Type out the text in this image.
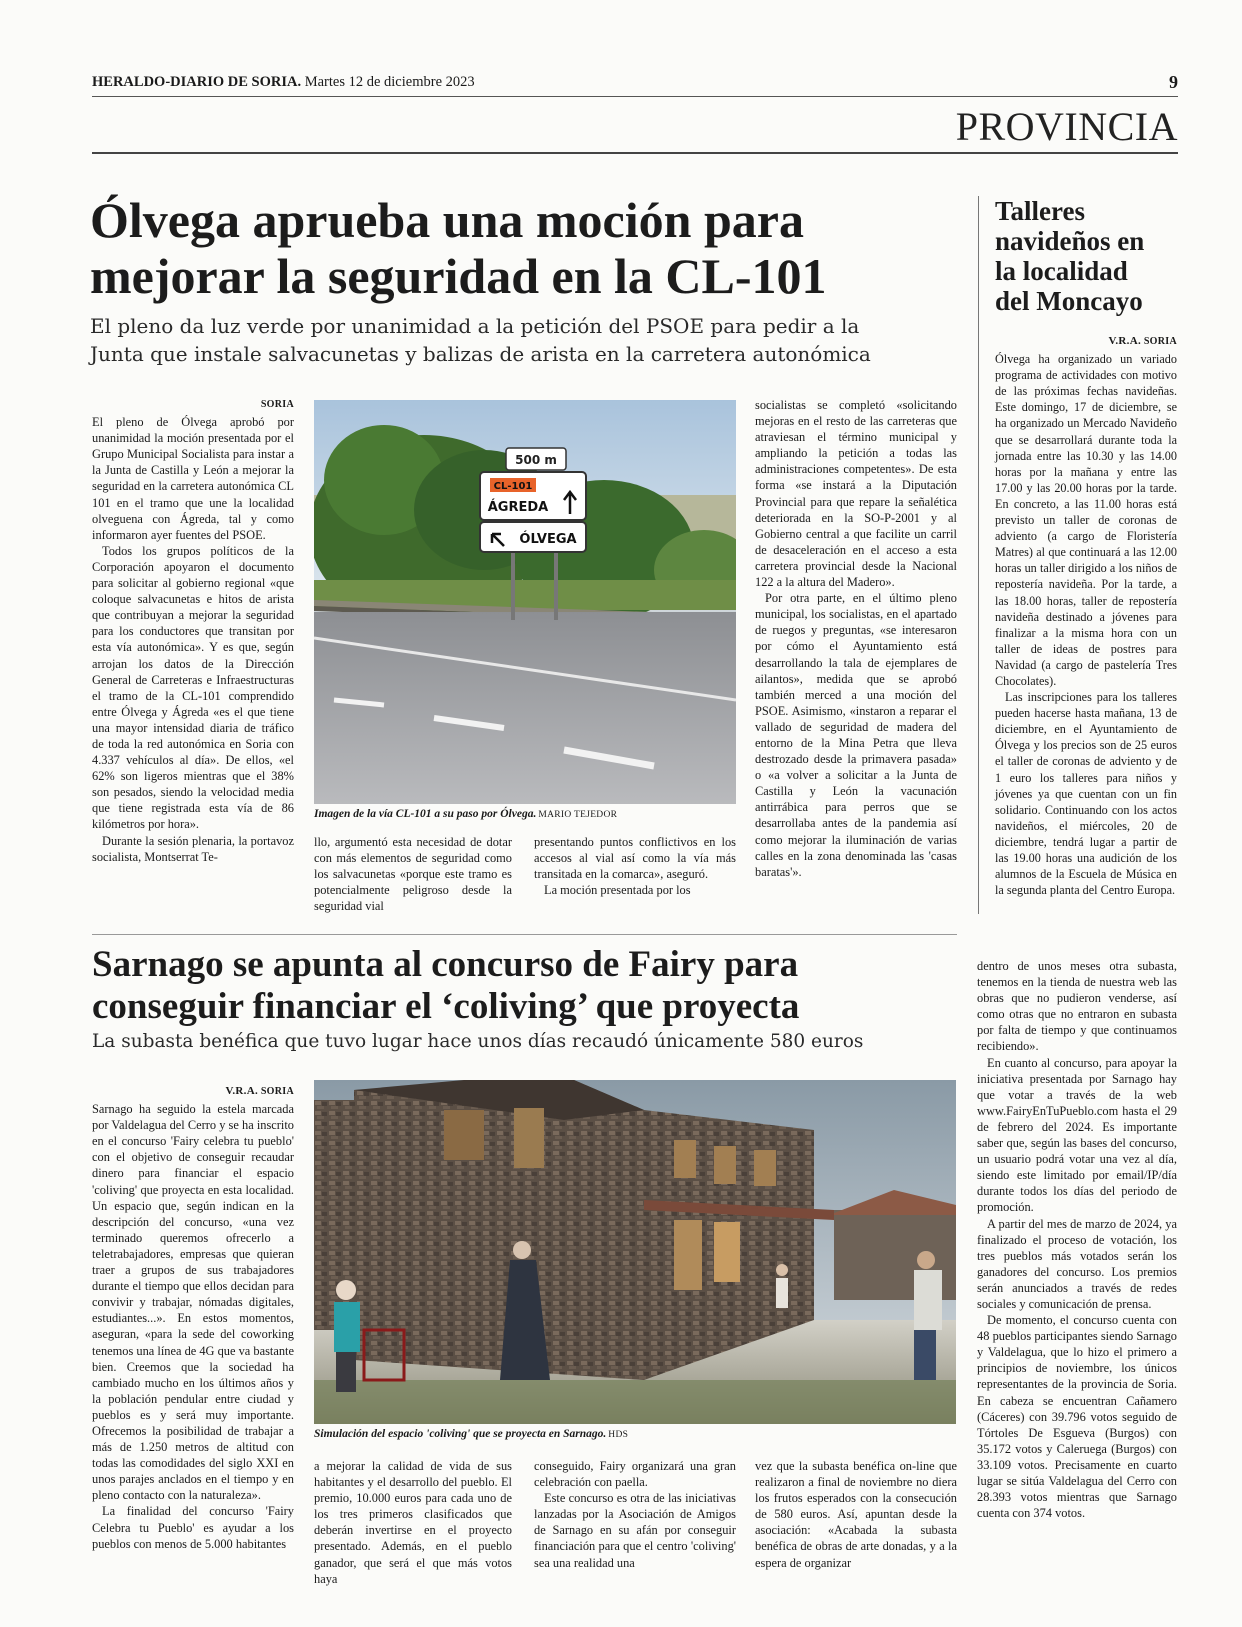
HERALDO-DIARIO DE SORIA. Martes 12 de diciembre 2023	9
PROVINCIA
Ólvega aprueba una moción para
mejorar la seguridad en la CL-101
El pleno da luz verde por unanimidad a la petición del PSOE para pedir a la
Junta que instale salvacunetas y balizas de arista en la carretera autonómica
SORIA

El pleno de Ólvega aprobó por unanimidad la moción presentada por el Grupo Municipal Socialista para instar a la Junta de Castilla y León a mejorar la seguridad en la carretera autonómica CL 101 en el tramo que une la localidad olveguena con Ágreda, tal y como informaron ayer fuentes del PSOE.

Todos los grupos políticos de la Corporación apoyaron el documento para solicitar al gobierno regional «que coloque salvacunetas e hitos de arista que contribuyan a mejorar la seguridad para los conductores que transitan por esta vía autonómica». Y es que, según arrojan los datos de la Dirección General de Carreteras e Infraestructuras el tramo de la CL-101 comprendido entre Ólvega y Ágreda «es el que tiene una mayor intensidad diaria de tráfico de toda la red autonómica en Soria con 4.337 vehículos al día». De ellos, «el 62% son ligeros mientras que el 38% son pesados, siendo la velocidad media que tiene registrada esta vía de 86 kilómetros por hora».

Durante la sesión plenaria, la portavoz socialista, Montserrat Te-

500 m
CL-101
ÁGREDA
ÓLVEGA
Imagen de la vía CL-101 a su paso por Ólvega. MARIO TEJEDOR

llo, argumentó esta necesidad de dotar con más elementos de seguridad como los salvacunetas «porque este tramo es potencialmente peligroso desde la seguridad vial

presentando puntos conflictivos en los accesos al vial así como la vía más transitada en la comarca», aseguró.

La moción presentada por los

socialistas se completó «solicitando mejoras en el resto de las carreteras que atraviesan el término municipal y ampliando la petición a todas las administraciones competentes». De esta forma «se instará a la Diputación Provincial para que repare la señalética deteriorada en la SO-P-2001 y al Gobierno central a que facilite un carril de desaceleración en el acceso a esta carretera provincial desde la Nacional 122 a la altura del Madero».

Por otra parte, en el último pleno municipal, los socialistas, en el apartado de ruegos y preguntas, «se interesaron por cómo el Ayuntamiento está desarrollando la tala de ejemplares de ailantos», medida que se aprobó también merced a una moción del PSOE. Asimismo, «instaron a reparar el vallado de seguridad de madera del entorno de la Mina Petra que lleva destrozado desde la primavera pasada» o «a volver a solicitar a la Junta de Castilla y León la vacunación antirrábica para perros que se desarrollaba antes de la pandemia así como mejorar la iluminación de varias calles en la zona denominada las 'casas baratas'».

Talleres
navideños en
la localidad
del Moncayo
V.R.A. SORIA

Ólvega ha organizado un variado programa de actividades con motivo de las próximas fechas navideñas. Este domingo, 17 de diciembre, se ha organizado un Mercado Navideño que se desarrollará durante toda la jornada entre las 10.30 y las 14.00 horas por la mañana y entre las 17.00 y las 20.00 horas por la tarde. En concreto, a las 11.00 horas está previsto un taller de coronas de adviento (a cargo de Floristería Matres) al que continuará a las 12.00 horas un taller dirigido a los niños de repostería navideña. Por la tarde, a las 18.00 horas, taller de repostería navideña destinado a jóvenes para finalizar a la misma hora con un taller de ideas de postres para Navidad (a cargo de pastelería Tres Chocolates).

Las inscripciones para los talleres pueden hacerse hasta mañana, 13 de diciembre, en el Ayuntamiento de Ólvega y los precios son de 25 euros el taller de coronas de adviento y de 1 euro los talleres para niños y jóvenes ya que cuentan con un fin solidario. Continuando con los actos navideños, el miércoles, 20 de diciembre, tendrá lugar a partir de las 19.00 horas una audición de los alumnos de la Escuela de Música en la segunda planta del Centro Europa.

Sarnago se apunta al concurso de Fairy para
conseguir financiar el ‘coliving’ que proyecta
La subasta benéfica que tuvo lugar hace unos días recaudó únicamente 580 euros
V.R.A. SORIA

Sarnago ha seguido la estela marcada por Valdelagua del Cerro y se ha inscrito en el concurso 'Fairy celebra tu pueblo' con el objetivo de conseguir recaudar dinero para financiar el espacio 'coliving' que proyecta en esta localidad. Un espacio que, según indican en la descripción del concurso, «una vez terminado queremos ofrecerlo a teletrabajadores, empresas que quieran traer a grupos de sus trabajadores durante el tiempo que ellos decidan para convivir y trabajar, nómadas digitales, estudiantes...». En estos momentos, aseguran, «para la sede del coworking tenemos una línea de 4G que va bastante bien. Creemos que la sociedad ha cambiado mucho en los últimos años y la población pendular entre ciudad y pueblos es y será muy importante. Ofrecemos la posibilidad de trabajar a más de 1.250 metros de altitud con todas las comodidades del siglo XXI en unos parajes anclados en el tiempo y en pleno contacto con la naturaleza».

La finalidad del concurso 'Fairy Celebra tu Pueblo' es ayudar a los pueblos con menos de 5.000 habitantes

Simulación del espacio 'coliving' que se proyecta en Sarnago. HDS

a mejorar la calidad de vida de sus habitantes y el desarrollo del pueblo. El premio, 10.000 euros para cada uno de los tres primeros clasificados que deberán invertirse en el proyecto presentado. Además, en el pueblo ganador, que será el que más votos haya

conseguido, Fairy organizará una gran celebración con paella.

Este concurso es otra de las iniciativas lanzadas por la Asociación de Amigos de Sarnago en su afán por conseguir financiación para que el centro 'coliving' sea una realidad una

vez que la subasta benéfica on-line que realizaron a final de noviembre no diera los frutos esperados con la consecución de 580 euros. Así, apuntan desde la asociación: «Acabada la subasta benéfica de obras de arte donadas, y a la espera de organizar

dentro de unos meses otra subasta, tenemos en la tienda de nuestra web las obras que no pudieron venderse, así como otras que no entraron en subasta por falta de tiempo y que continuamos recibiendo».

En cuanto al concurso, para apoyar la iniciativa presentada por Sarnago hay que votar a través de la web www.FairyEnTuPueblo.com hasta el 29 de febrero del 2024. Es importante saber que, según las bases del concurso, un usuario podrá votar una vez al día, siendo este limitado por email/IP/día durante todos los días del periodo de promoción.

A partir del mes de marzo de 2024, ya finalizado el proceso de votación, los tres pueblos más votados serán los ganadores del concurso. Los premios serán anunciados a través de redes sociales y comunicación de prensa.

De momento, el concurso cuenta con 48 pueblos participantes siendo Sarnago y Valdelagua, que lo hizo el primero a principios de noviembre, los únicos representantes de la provincia de Soria. En cabeza se encuentran Cañamero (Cáceres) con 39.796 votos seguido de Tórtoles De Esgueva (Burgos) con 35.172 votos y Caleruega (Burgos) con 33.109 votos. Precisamente en cuarto lugar se sitúa Valdelagua del Cerro con 28.393 votos mientras que Sarnago cuenta con 374 votos.
